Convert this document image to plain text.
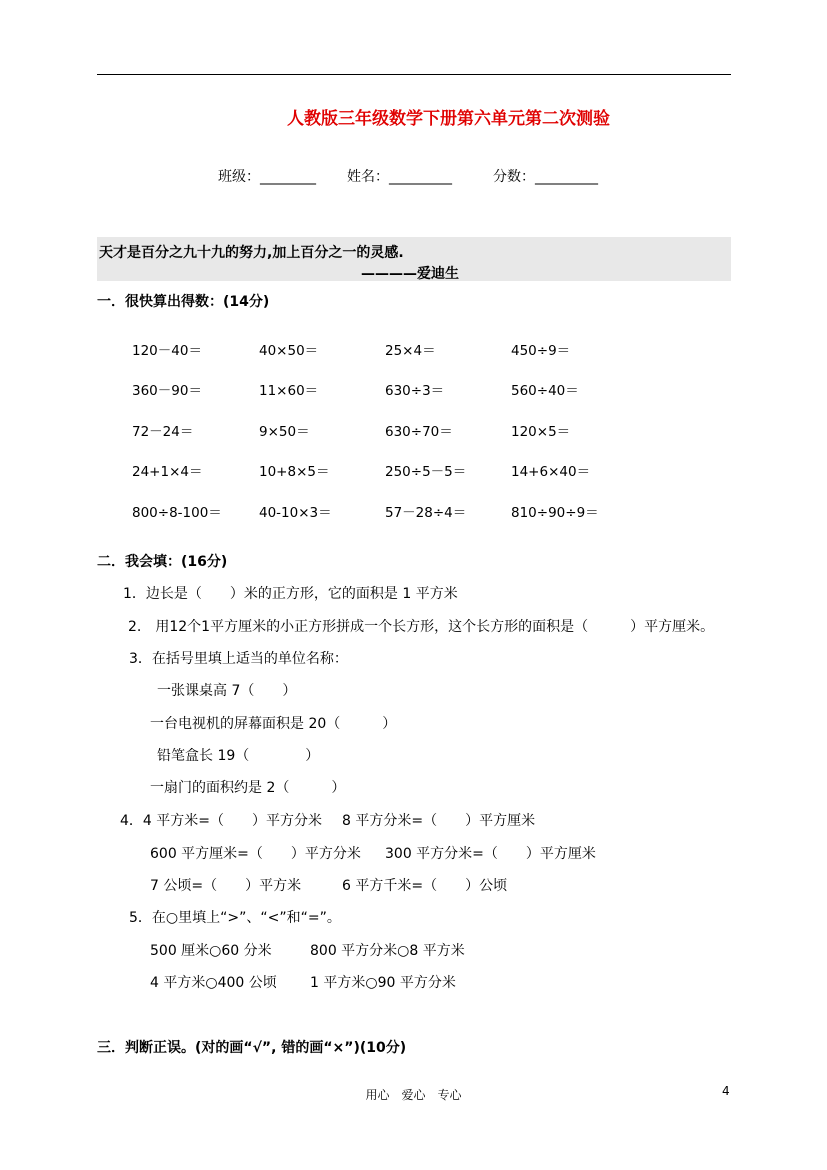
人教版三年级数学下册第六单元第二次测验
班级：________ 姓名：_________	分数：_________
天才是百分之九十九的努力,加上百分之一的灵感.
————爱迪生
一．很快算出得数：(14分)
120－40＝	40×50＝	25×4＝	450÷9＝
360－90＝	11×60＝	630÷3＝	560÷40＝
72－24＝	9×50＝	630÷70＝	120×5＝
24+1×4＝	10+8×5＝	250÷5－5＝	14+6×40＝
800÷8-100＝	40-10×3＝	57－28÷4＝	810÷90÷9＝
二．我会填：(16分)
1．边长是（　　）米的正方形，它的面积是 1 平方米
2.　用12个1平方厘米的小正方形拼成一个长方形，这个长方形的面积是（　　　）平方厘米。
3．在括号里填上适当的单位名称：
一张课桌高 7（　　）
一台电视机的屏幕面积是 20（　　　）
铅笔盒长 19（　　　　）
一扇门的面积约是 2（　　　）
4．4 平方米=（　　）平方分米 8 平方分米=（　　）平方厘米
600 平方厘米=（　　）平方分米 300 平方分米=（　　）平方厘米
7 公顷=（　　）平方米	6 平方千米=（　　）公顷
5．在○里填上“>”、“<”和“=”。
500 厘米○60 分米	800 平方分米○8 平方米
4 平方米○400 公顷 1 平方米○90 平方分米
三．判断正误。(对的画“√”, 错的画“×”)(10分)
用心　爱心　专心	4
